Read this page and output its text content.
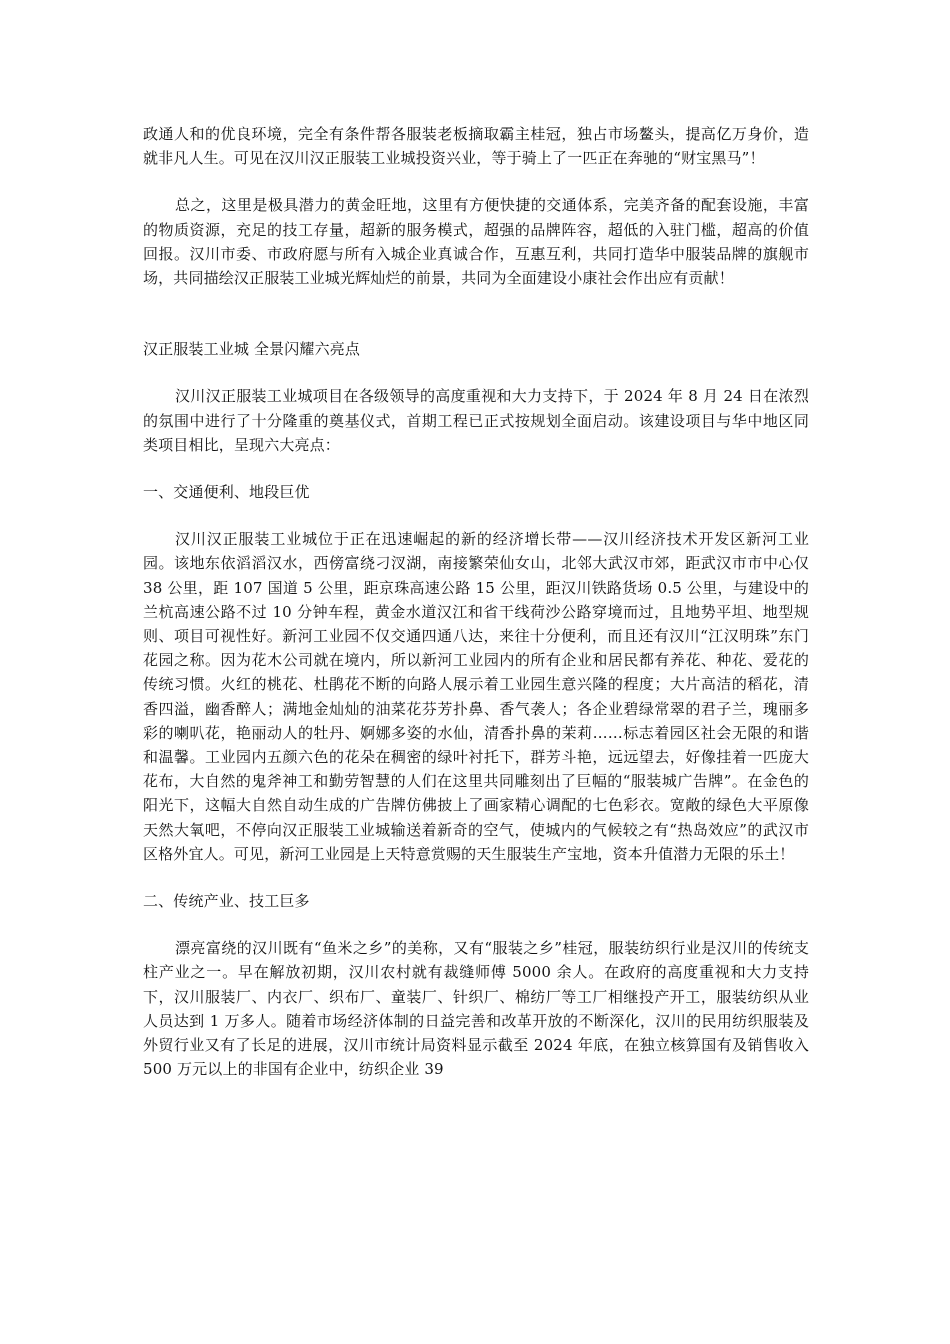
政通人和的优良环境，完全有条件帮各服装老板摘取霸主桂冠，独占市场鳌头，提高亿万身价，造就非凡人生。可见在汉川汉正服装工业城投资兴业，等于骑上了一匹正在奔驰的“财宝黑马”！

总之，这里是极具潜力的黄金旺地，这里有方便快捷的交通体系，完美齐备的配套设施，丰富的物质资源，充足的技工存量，超新的服务模式，超强的品牌阵容，超低的入驻门槛，超高的价值回报。汉川市委、市政府愿与所有入城企业真诚合作，互惠互利，共同打造华中服装品牌的旗舰市场，共同描绘汉正服装工业城光辉灿烂的前景，共同为全面建设小康社会作出应有贡献！

汉正服装工业城 全景闪耀六亮点

汉川汉正服装工业城项目在各级领导的高度重视和大力支持下，于 2024 年 8 月 24 日在浓烈的氛围中进行了十分隆重的奠基仪式，首期工程已正式按规划全面启动。该建设项目与华中地区同类项目相比，呈现六大亮点：

一、交通便利、地段巨优

汉川汉正服装工业城位于正在迅速崛起的新的经济增长带——汉川经济技术开发区新河工业园。该地东依滔滔汉水，西傍富绕刁汊湖，南接繁荣仙女山，北邻大武汉市郊，距武汉市市中心仅 38 公里，距 107 国道 5 公里，距京珠高速公路 15 公里，距汉川铁路货场 0.5 公里，与建设中的兰杭高速公路不过 10 分钟车程，黄金水道汉江和省干线荷沙公路穿境而过，且地势平坦、地型规则、项目可视性好。新河工业园不仅交通四通八达，来往十分便利，而且还有汉川“江汉明珠”东门花园之称。因为花木公司就在境内，所以新河工业园内的所有企业和居民都有养花、种花、爱花的传统习惯。火红的桃花、杜鹃花不断的向路人展示着工业园生意兴隆的程度；大片高洁的稻花，清香四溢，幽香醉人；满地金灿灿的油菜花芬芳扑鼻、香气袭人；各企业碧绿常翠的君子兰，瑰丽多彩的喇叭花，艳丽动人的牡丹、婀娜多姿的水仙，清香扑鼻的茉莉……标志着园区社会无限的和谐和温馨。工业园内五颜六色的花朵在稠密的绿叶衬托下，群芳斗艳，远远望去，好像挂着一匹庞大花布，大自然的鬼斧神工和勤劳智慧的人们在这里共同雕刻出了巨幅的“服装城广告牌”。在金色的阳光下，这幅大自然自动生成的广告牌仿佛披上了画家精心调配的七色彩衣。宽敞的绿色大平原像天然大氧吧，不停向汉正服装工业城输送着新奇的空气，使城内的气候较之有“热岛效应”的武汉市区格外宜人。可见，新河工业园是上天特意赏赐的天生服装生产宝地，资本升值潜力无限的乐土！

二、传统产业、技工巨多

漂亮富绕的汉川既有“鱼米之乡”的美称，又有“服装之乡”桂冠，服装纺织行业是汉川的传统支柱产业之一。早在解放初期，汉川农村就有裁缝师傅 5000 余人。在政府的高度重视和大力支持下，汉川服装厂、内衣厂、织布厂、童装厂、针织厂、棉纺厂等工厂相继投产开工，服装纺织从业人员达到 1 万多人。随着市场经济体制的日益完善和改革开放的不断深化，汉川的民用纺织服装及外贸行业又有了长足的进展，汉川市统计局资料显示截至 2024 年底，在独立核算国有及销售收入 500 万元以上的非国有企业中，纺织企业 39
